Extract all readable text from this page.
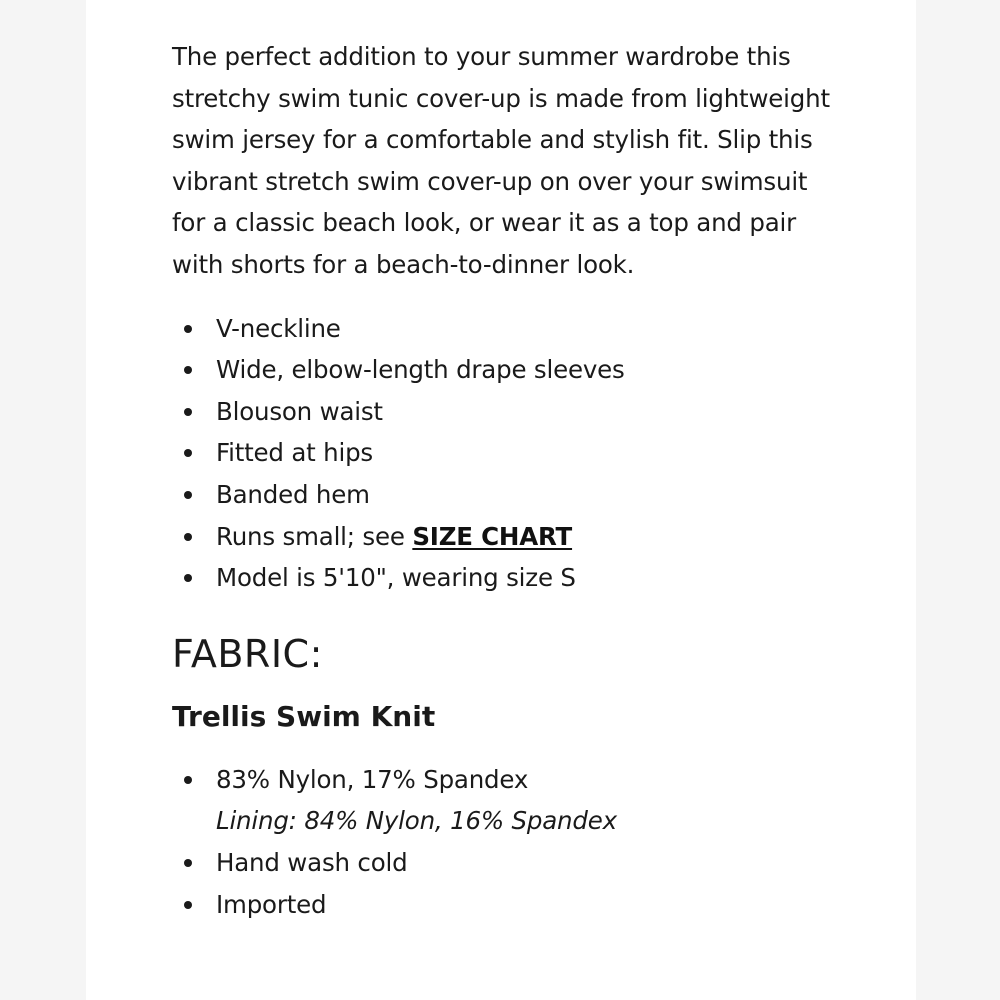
The perfect addition to your summer wardrobe this stretchy swim tunic cover-up is made from lightweight swim jersey for a comfortable and stylish fit. Slip this vibrant stretch swim cover-up on over your swimsuit for a classic beach look, or wear it as a top and pair with shorts for a beach-to-dinner look.

V-neckline
Wide, elbow-length drape sleeves
Blouson waist
Fitted at hips
Banded hem
Runs small; see SIZE CHART
Model is 5'10", wearing size S
FABRIC:
Trellis Swim Knit
83% Nylon, 17% Spandex
Lining: 84% Nylon, 16% Spandex
Hand wash cold
Imported
